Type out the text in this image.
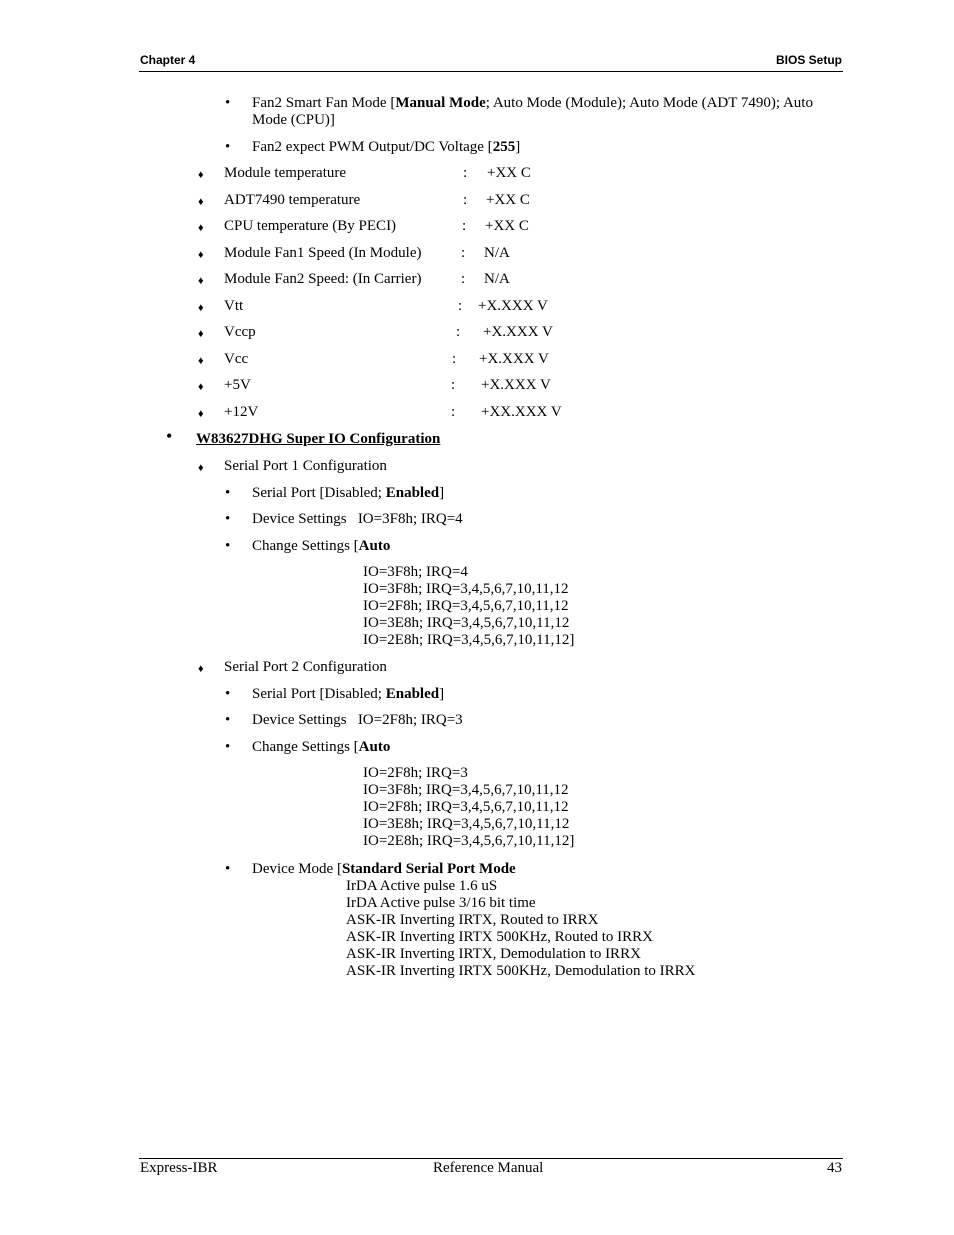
Chapter 4	BIOS Setup
• Fan2 Smart Fan Mode [Manual Mode; Auto Mode (Module); Auto Mode (ADT 7490); Auto
Mode (CPU)]
• Fan2 expect PWM Output/DC Voltage [255]
♦ Module temperature	: +XX C
♦ ADT7490 temperature	: +XX C
♦ CPU temperature (By PECI)	: +XX C
♦ Module Fan1 Speed (In Module)	: N/A
♦ Module Fan2 Speed: (In Carrier)	: N/A
♦ Vtt	: +X.XXX V
♦ Vccp	: +X.XXX V
♦ Vcc	: +X.XXX V
♦ +5V	: +X.XXX V
♦ +12V	: +XX.XXX V
• W83627DHG Super IO Configuration
♦ Serial Port 1 Configuration
• Serial Port [Disabled; Enabled]
• Device Settings   IO=3F8h; IRQ=4
• Change Settings [Auto
IO=3F8h; IRQ=4
IO=3F8h; IRQ=3,4,5,6,7,10,11,12
IO=2F8h; IRQ=3,4,5,6,7,10,11,12
IO=3E8h; IRQ=3,4,5,6,7,10,11,12
IO=2E8h; IRQ=3,4,5,6,7,10,11,12]
♦ Serial Port 2 Configuration
• Serial Port [Disabled; Enabled]
• Device Settings   IO=2F8h; IRQ=3
• Change Settings [Auto
IO=2F8h; IRQ=3
IO=3F8h; IRQ=3,4,5,6,7,10,11,12
IO=2F8h; IRQ=3,4,5,6,7,10,11,12
IO=3E8h; IRQ=3,4,5,6,7,10,11,12
IO=2E8h; IRQ=3,4,5,6,7,10,11,12]
• Device Mode [Standard Serial Port Mode
IrDA Active pulse 1.6 uS
IrDA Active pulse 3/16 bit time
ASK-IR Inverting IRTX, Routed to IRRX
ASK-IR Inverting IRTX 500KHz, Routed to IRRX
ASK-IR Inverting IRTX, Demodulation to IRRX
ASK-IR Inverting IRTX 500KHz, Demodulation to IRRX
Express-IBR	Reference Manual	43
